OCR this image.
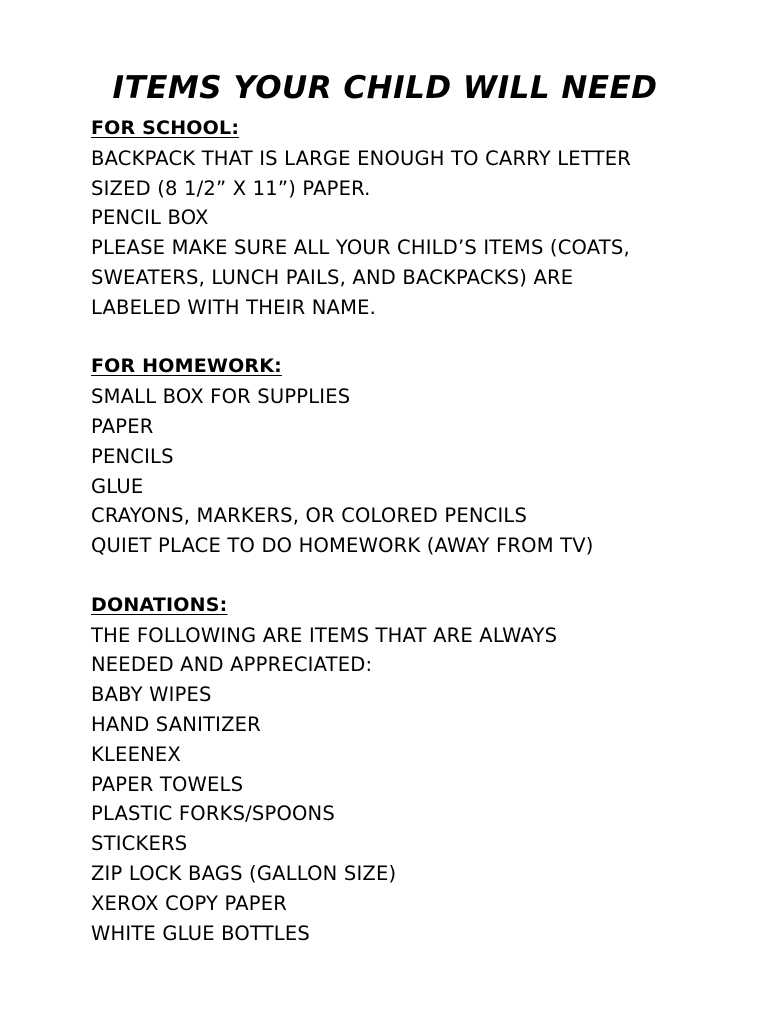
ITEMS YOUR CHILD WILL NEED
FOR SCHOOL:
BACKPACK THAT IS LARGE ENOUGH TO CARRY LETTER
SIZED (8 1/2” X 11”) PAPER.
PENCIL BOX
PLEASE MAKE SURE ALL YOUR CHILD’S ITEMS (COATS,
SWEATERS, LUNCH PAILS, AND BACKPACKS) ARE
LABELED WITH THEIR NAME.
FOR HOMEWORK:
SMALL BOX FOR SUPPLIES
PAPER
PENCILS
GLUE
CRAYONS, MARKERS, OR COLORED PENCILS
QUIET PLACE TO DO HOMEWORK (AWAY FROM TV)
DONATIONS:
THE FOLLOWING ARE ITEMS THAT ARE ALWAYS
NEEDED AND APPRECIATED:
BABY WIPES
HAND SANITIZER
KLEENEX
PAPER TOWELS
PLASTIC FORKS/SPOONS
STICKERS
ZIP LOCK BAGS (GALLON SIZE)
XEROX COPY PAPER
WHITE GLUE BOTTLES
